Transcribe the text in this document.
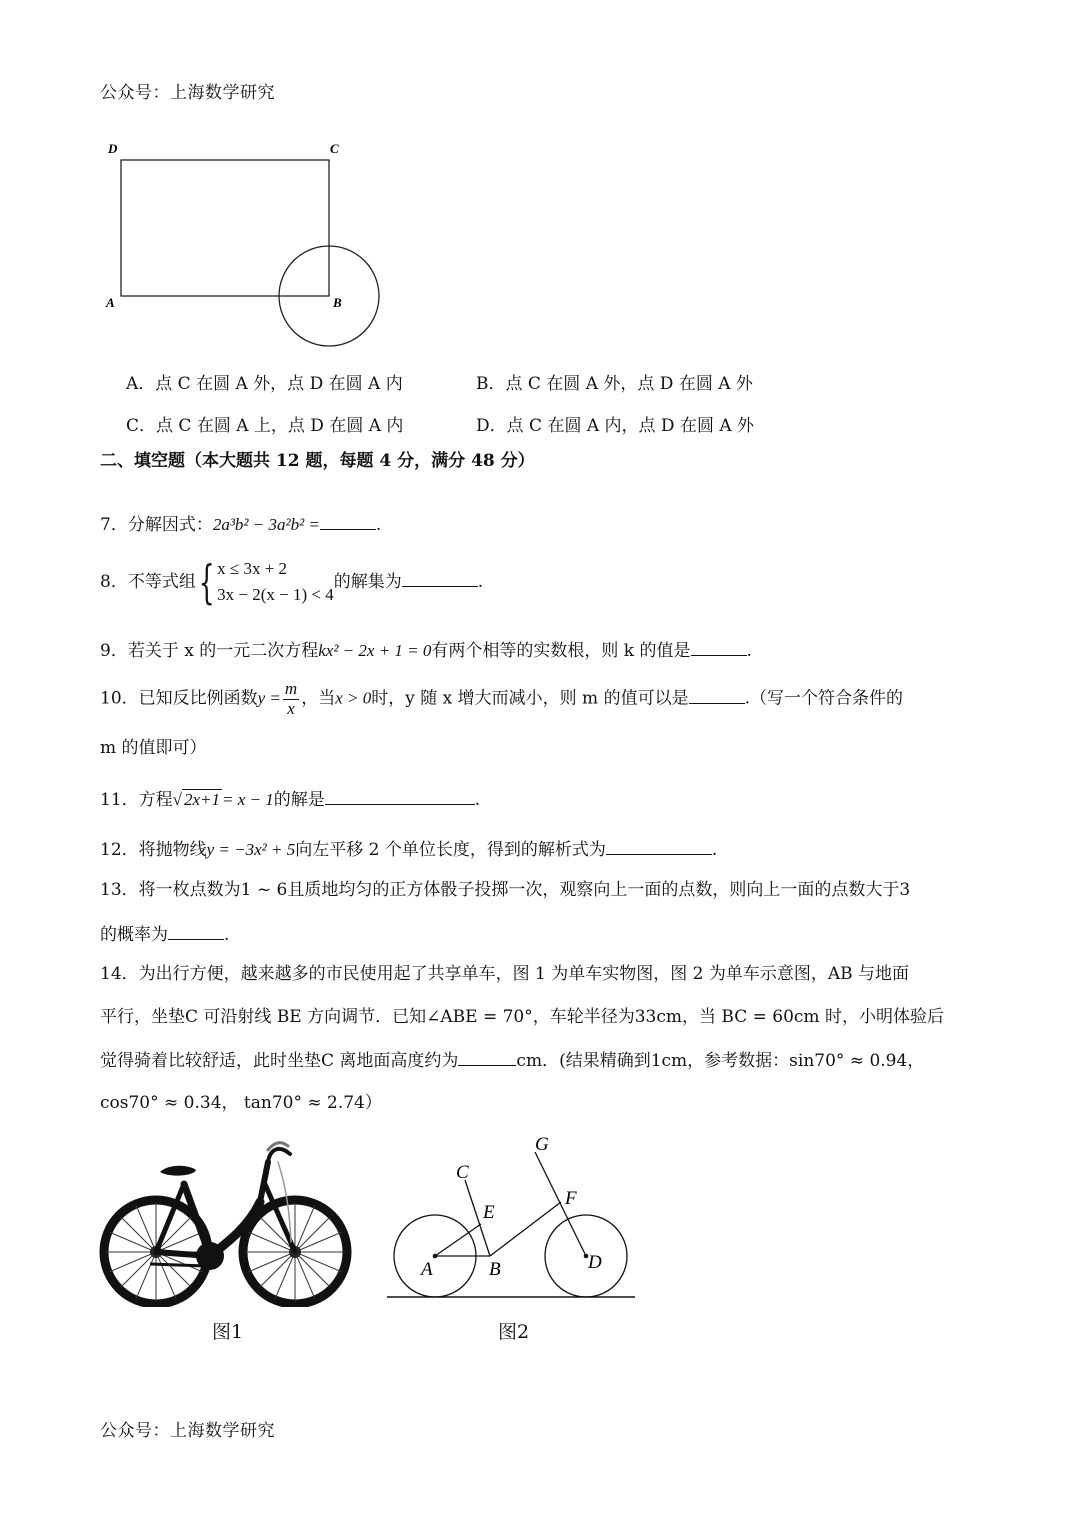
公众号：上海数学研究
D	C
A	B
A．点 C 在圆 A 外，点 D 在圆 A 内	B．点 C 在圆 A 外，点 D 在圆 A 外
C．点 C 在圆 A 上，点 D 在圆 A 内	D．点 C 在圆 A 内，点 D 在圆 A 外
二、填空题（本大题共 12 题，每题 4 分，满分 48 分）
7．分解因式：2a³b² − 3a²b² =	.
8．不等式组{ x ≤ 3x + 2
3x − 2(x − 1) < 4
的解集为	.
9．若关于 x 的一元二次方程kx² − 2x + 1 = 0有两个相等的实数根，则 k 的值是	.
10．已知反比例函数$y = \frac{m}{x}$ ，当x > 0时，y 随 x 增大而减小，则 m 的值可以是	.（写一个符合条件的
m 的值即可）
11．方程√ 2x+1 = x − 1的解是	.
12．将抛物线y = −3x² + 5向左平移 2 个单位长度，得到的解析式为	.
13．将一枚点数为1 ~ 6且质地均匀的正方体骰子投掷一次，观察向上一面的点数，则向上一面的点数大于3
的概率为	.
14．为出行方便，越来越多的市民使用起了共享单车，图 1 为单车实物图，图 2 为单车示意图，AB 与地面
平行，坐垫C 可沿射线 BE 方向调节．已知∠ABE = 70°，车轮半径为33cm，当 BC = 60cm 时，小明体验后
觉得骑着比较舒适，此时坐垫C 离地面高度约为	cm．(结果精确到1cm，参考数据：sin70° ≈ 0.94，
cos70° ≈ 0.34， tan70° ≈ 2.74）
图1
A	B
C
D
E
F
G
图2
公众号：上海数学研究
